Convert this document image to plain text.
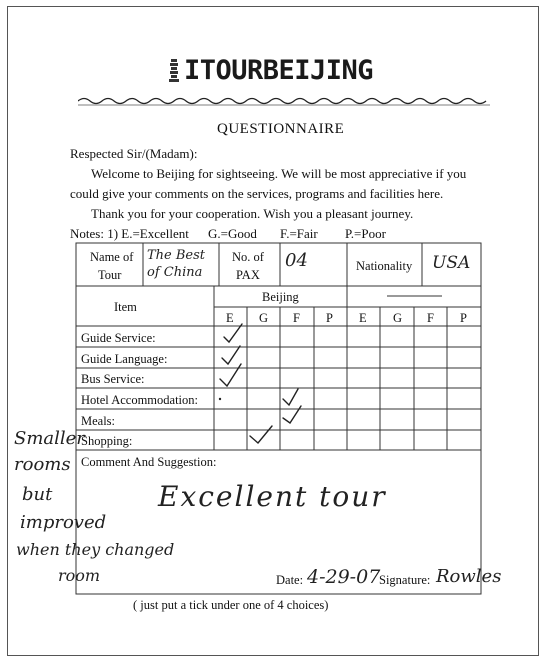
ITOURBEIJING
QUESTIONNAIRE
Respected Sir/(Madam):
Welcome to Beijing for sightseeing. We will be most appreciative if you
could give your comments on the services, programs and facilities here.
Thank you for your cooperation. Wish you a pleasant journey.
Notes: 1) E.=Excellent G.=Good F.=Fair P.=Poor
Name of
Tour
The Best
of China
No. of
PAX
04	Nationality USA
Item
Beijing
E G F P E G F P
Guide Service:
Guide Language:
Bus Service:
Hotel Accommodation:
Meals:
Shopping:
Comment And Suggestion:
Excellent tour
Smaller
rooms
but
improved
when they changed
room	Date: 4-29-07
Signature: Rowles
( just put a tick under one of 4 choices)
